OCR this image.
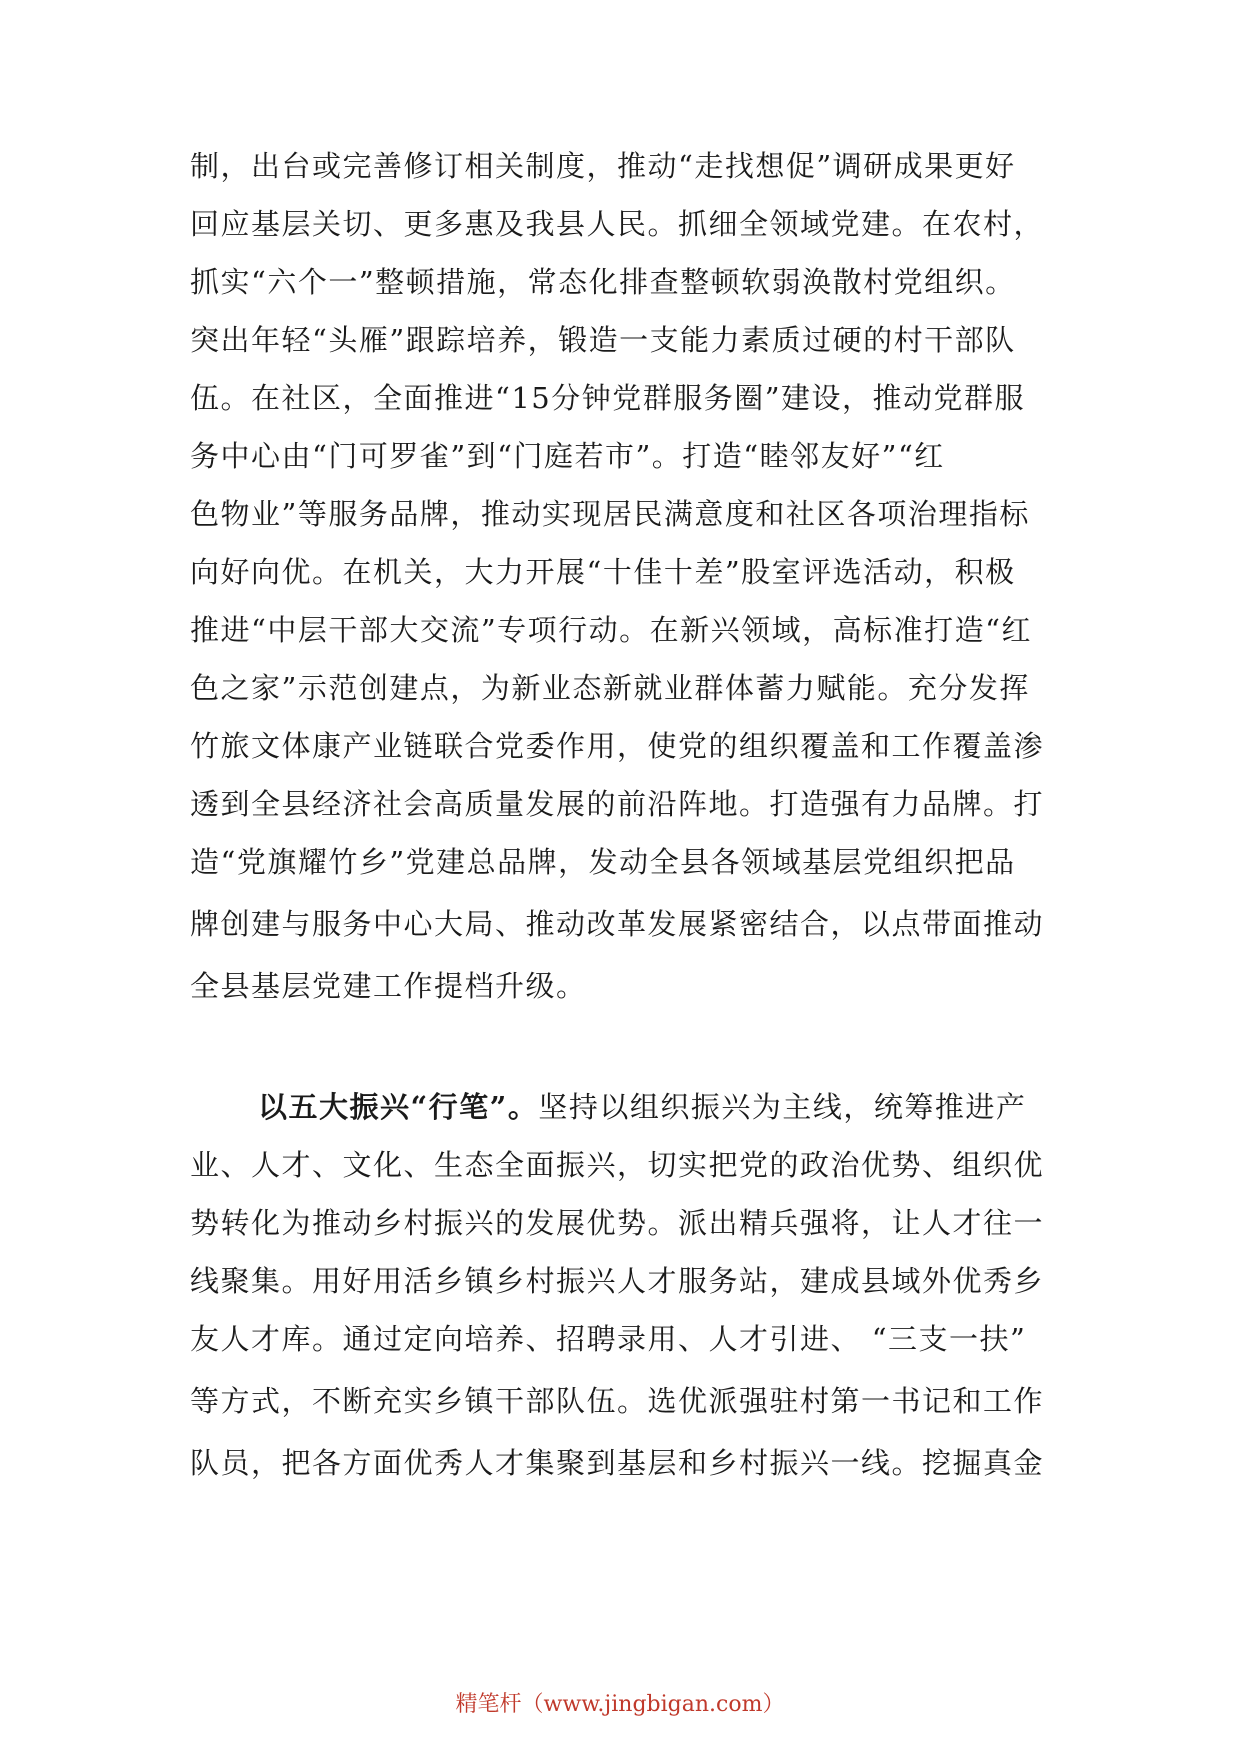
制，出台或完善修订相关制度，推动“走找想促”调研成果更好
回应基层关切、更多惠及我县人民。抓细全领域党建。在农村，
抓实“六个一”整顿措施，常态化排查整顿软弱涣散村党组织。
突出年轻“头雁”跟踪培养，锻造一支能力素质过硬的村干部队
伍。在社区，全面推进“15分钟党群服务圈”建设，推动党群服
务中心由“门可罗雀”到“门庭若市”。打造“睦邻友好”“红
色物业”等服务品牌，推动实现居民满意度和社区各项治理指标
向好向优。在机关，大力开展“十佳十差”股室评选活动，积极
推进“中层干部大交流”专项行动。在新兴领域，高标准打造“红
色之家”示范创建点，为新业态新就业群体蓄力赋能。充分发挥
竹旅文体康产业链联合党委作用，使党的组织覆盖和工作覆盖渗
透到全县经济社会高质量发展的前沿阵地。打造强有力品牌。打
造“党旗耀竹乡”党建总品牌，发动全县各领域基层党组织把品
牌创建与服务中心大局、推动改革发展紧密结合，以点带面推动
全县基层党建工作提档升级。
以五大振兴“行笔”。坚持以组织振兴为主线，统筹推进产
业、人才、文化、生态全面振兴，切实把党的政治优势、组织优
势转化为推动乡村振兴的发展优势。派出精兵强将，让人才往一
线聚集。用好用活乡镇乡村振兴人才服务站，建成县域外优秀乡
友人才库。通过定向培养、招聘录用、人才引进、 “三支一扶”
等方式，不断充实乡镇干部队伍。选优派强驻村第一书记和工作
队员，把各方面优秀人才集聚到基层和乡村振兴一线。挖掘真金
精笔杆（www.jingbigan.com）
